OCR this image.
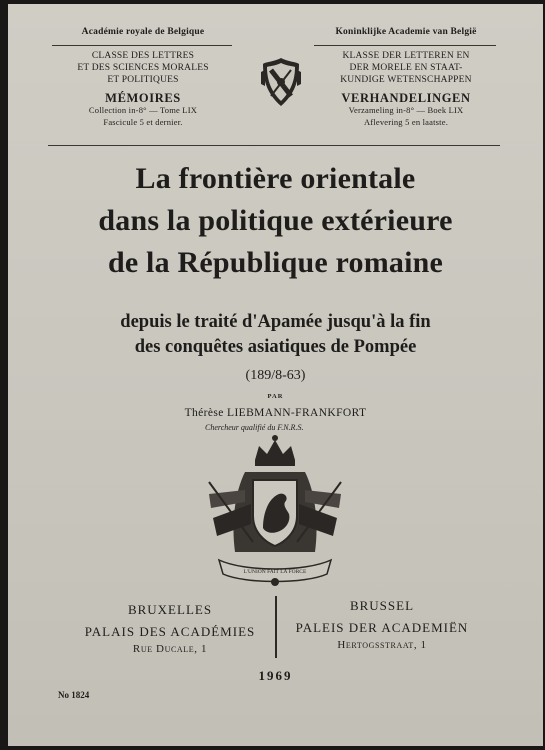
Académie royale de Belgique
CLASSE DES LETTRES
ET DES SCIENCES MORALES
ET POLITIQUES
MÉMOIRES
Collection in-8° — Tome LIX
Fascicule 5 et dernier.
Koninklijke Academie van België
KLASSE DER LETTEREN EN
DER MORELE EN STAAT-
KUNDIGE WETENSCHAPPEN
VERHANDELINGEN
Verzameling in-8° — Boek LIX
Aflevering 5 en laatste.
La frontière orientale
dans la politique extérieure
de la République romaine
depuis le traité d'Apamée jusqu'à la fin
des conquêtes asiatiques de Pompée
(189/8-63)
PAR
Thérèse LIEBMANN-FRANKFORT
Chercheur qualifié du F.N.R.S.
L'UNION FAIT LA FORCE
BRUXELLES
PALAIS DES ACADÉMIES
Rue Ducale, 1
BRUSSEL
PALEIS DER ACADEMIËN
Hertogsstraat, 1
1969
No 1824
